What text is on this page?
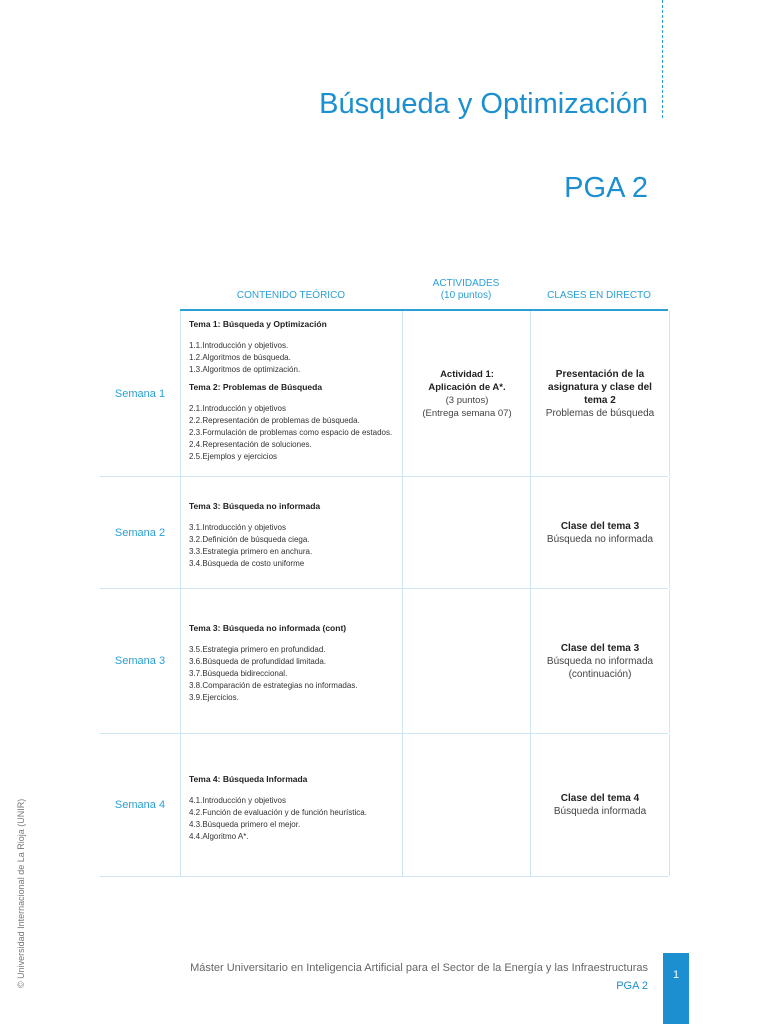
Búsqueda y Optimización
PGA 2
CONTENIDO TEÓRICO
ACTIVIDADES
(10 puntos)	CLASES EN DIRECTO
Semana 1
Tema 1: Búsqueda y Optimización
1.1.Introducción y objetivos.
1.2.Algoritmos de búsqueda.
1.3.Algoritmos de optimización.
Tema 2: Problemas de Búsqueda
2.1.Introducción y objetivos
2.2.Representación de problemas de búsqueda.
2.3.Formulación de problemas como espacio de estados.
2.4.Representación de soluciones.
2.5.Ejemplos y ejercicios
Actividad 1:
Aplicación de A*.
(3 puntos)
(Entrega semana 07)
Presentación de la
asignatura y clase del
tema 2
Problemas de búsqueda
Semana 2
Tema 3: Búsqueda no informada
3.1.Introducción y objetivos
3.2.Definición de búsqueda ciega.
3.3.Estrategia primero en anchura.
3.4.Búsqueda de costo uniforme
Clase del tema 3
Búsqueda no informada
Semana 3
Tema 3: Búsqueda no informada (cont)
3.5.Estrategia primero en profundidad.
3.6.Búsqueda de profundidad limitada.
3.7.Búsqueda bidireccional.
3.8.Comparación de estrategias no informadas.
3.9.Ejercicios.
Clase del tema 3
Búsqueda no informada
(continuación)
Semana 4
Tema 4: Búsqueda Informada
4.1.Introducción y objetivos
4.2.Función de evaluación y de función heurística.
4.3.Búsqueda primero el mejor.
4.4.Algoritmo A*.
Clase del tema 4
Búsqueda informada
Máster Universitario en Inteligencia Artificial para el Sector de la Energía y las Infraestructuras
PGA 2
1
© Universidad Internacional de La Rioja (UNIR)
